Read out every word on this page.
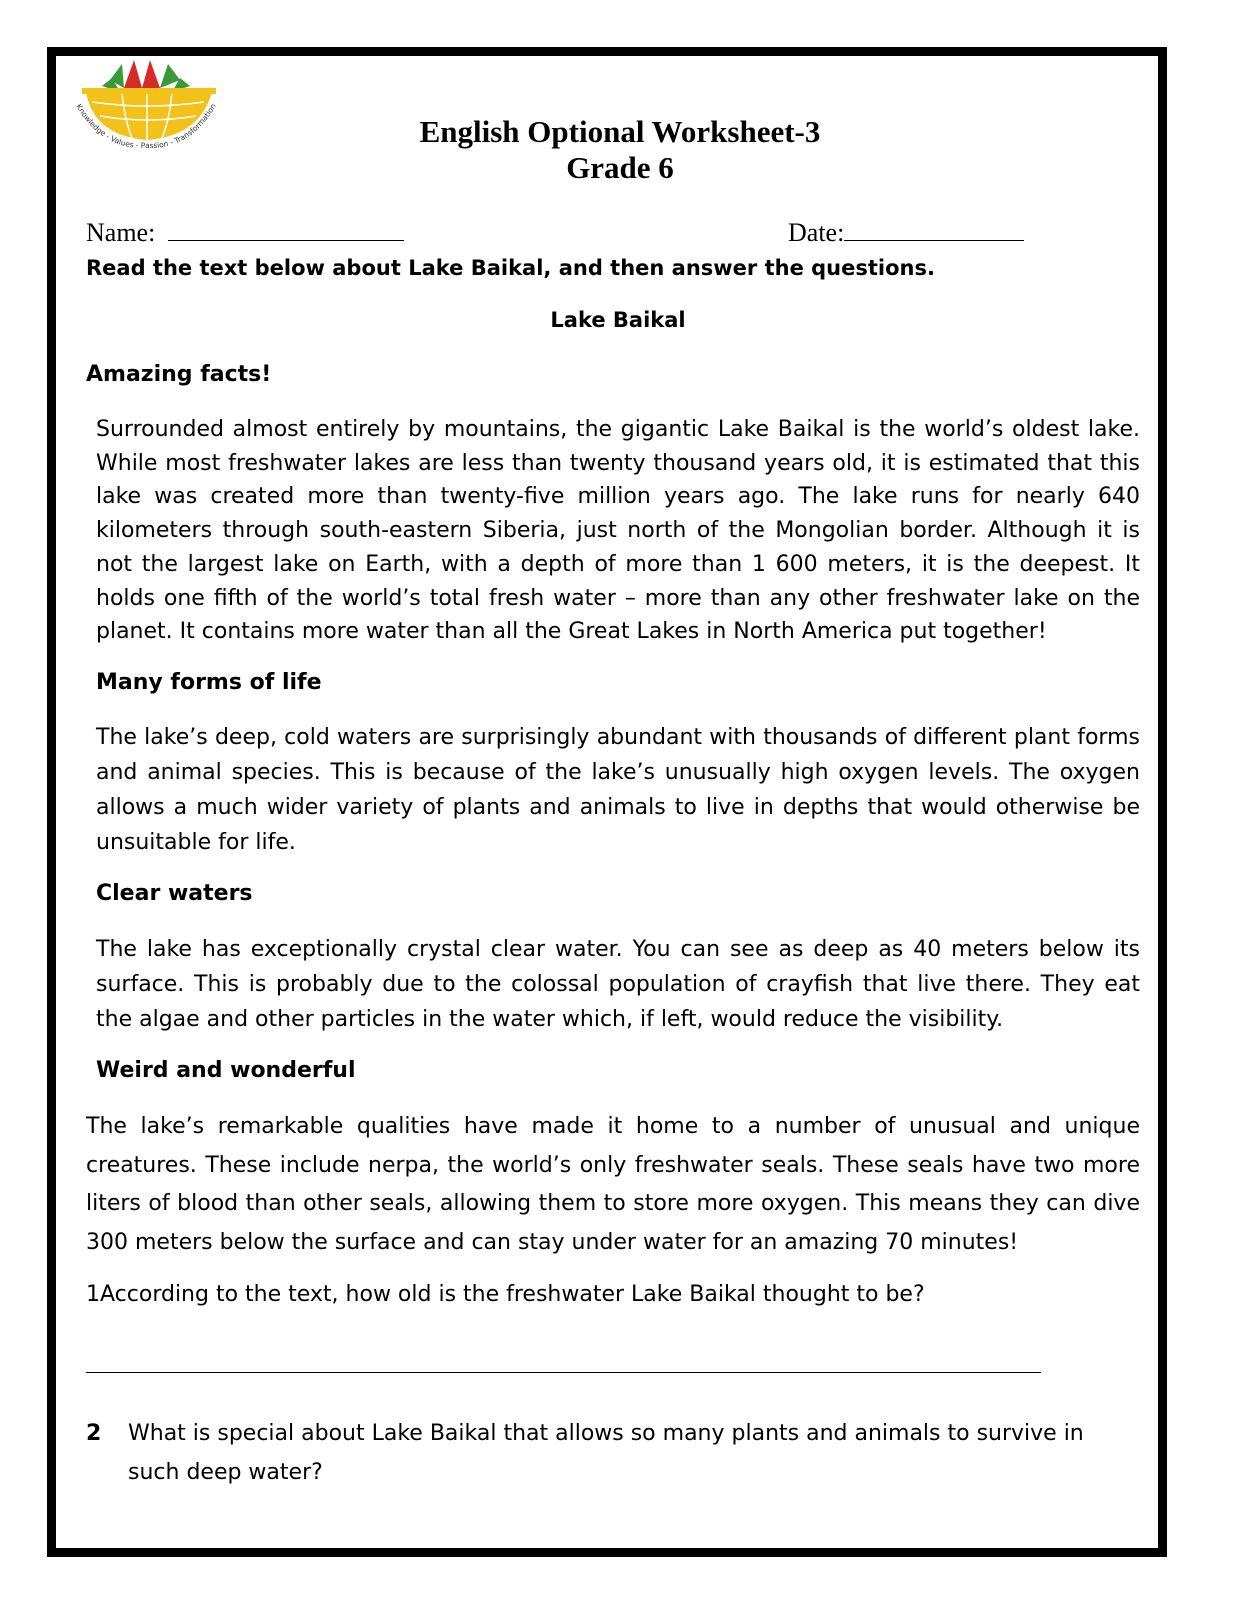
Knowledge - Values - Passion - Transformation
English Optional Worksheet-3
Grade 6
Name:	Date:
Read the text below about Lake Baikal, and then answer the questions.
Lake Baikal
Amazing facts!
Surrounded almost entirely by mountains, the gigantic Lake Baikal is the world’s oldest lake. While most freshwater lakes are less than twenty thousand years old, it is estimated that this lake was created more than twenty-five million years ago. The lake runs for nearly 640 kilometers through south-eastern Siberia, just north of the Mongolian border. Although it is not the largest lake on Earth, with a depth of more than 1 600 meters, it is the deepest. It holds one fifth of the world’s total fresh water – more than any other freshwater lake on the planet. It contains more water than all the Great Lakes in North America put together!
Many forms of life
The lake’s deep, cold waters are surprisingly abundant with thousands of different plant forms and animal species. This is because of the lake’s unusually high oxygen levels. The oxygen allows a much wider variety of plants and animals to live in depths that would otherwise be unsuitable for life.
Clear waters
The lake has exceptionally crystal clear water. You can see as deep as 40 meters below its surface. This is probably due to the colossal population of crayfish that live there. They eat the algae and other particles in the water which, if left, would reduce the visibility.
Weird and wonderful
The lake’s remarkable qualities have made it home to a number of unusual and unique creatures. These include nerpa, the world’s only freshwater seals. These seals have two more liters of blood than other seals, allowing them to store more oxygen. This means they can dive 300 meters below the surface and can stay under water for an amazing 70 minutes!
1According to the text, how old is the freshwater Lake Baikal thought to be?
2	What is special about Lake Baikal that allows so many plants and animals to survive in such deep water?
